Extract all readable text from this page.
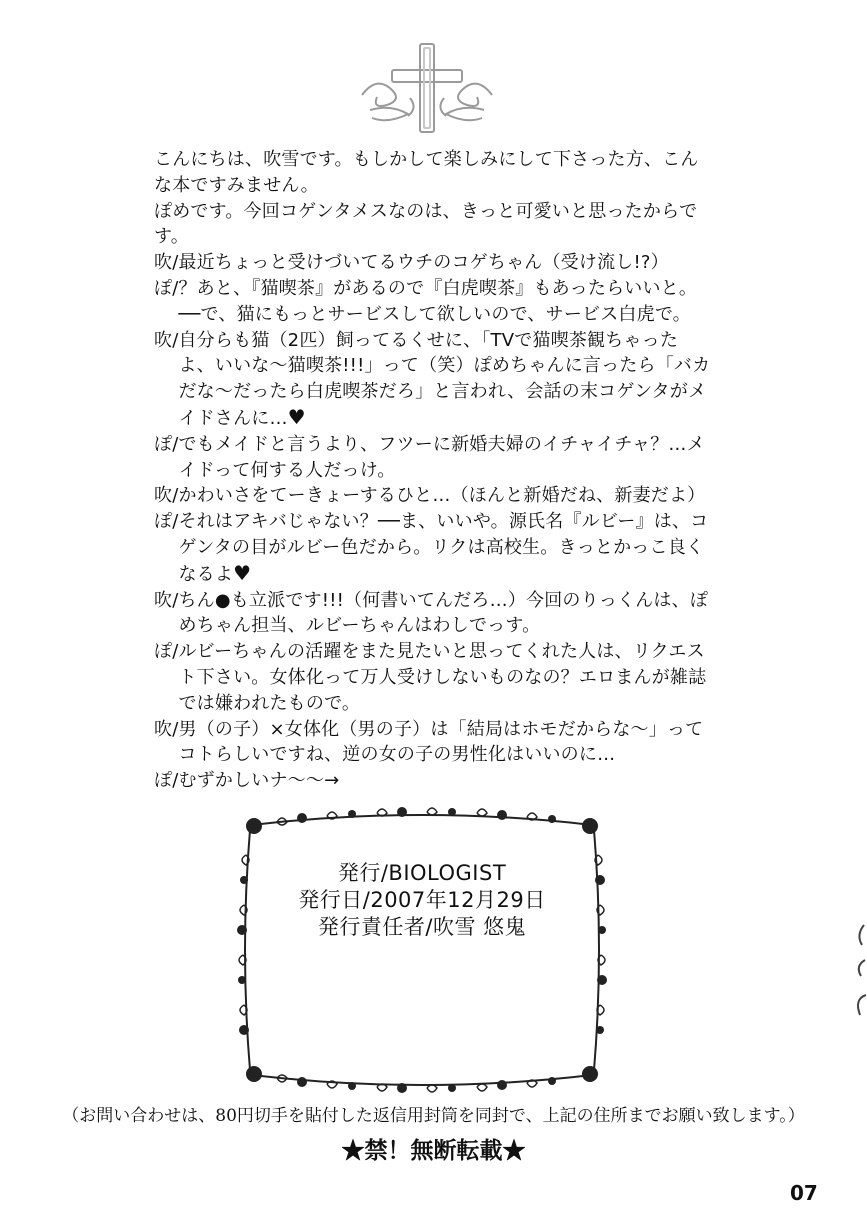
こんにちは、吹雪です。もしかして楽しみにして下さった方、こんな本ですみません。

ぽめです。今回コゲンタメスなのは、きっと可愛いと思ったからです。

吹/ 最近ちょっと受けづいてるウチのコゲちゃん（受け流し!?）

ぽ/ ？あと、『猫喫茶』があるので『白虎喫茶』もあったらいいと。──で、猫にもっとサービスして欲しいので、サービス白虎で。

吹/ 自分らも猫（2匹）飼ってるくせに、「TVで猫喫茶観ちゃったよ、いいな～猫喫茶!!!」って（笑）ぽめちゃんに言ったら「バカだな～だったら白虎喫茶だろ」と言われ、会話の末コゲンタがメイドさんに…♥

ぽ/ でもメイドと言うより、フツーに新婚夫婦のイチャイチャ？…メイドって何する人だっけ。

吹/ かわいさをてーきょーするひと…（ほんと新婚だね、新妻だよ）

ぽ/ それはアキバじゃない？──ま、いいや。源氏名『ルビー』は、コゲンタの目がルビー色だから。リクは高校生。きっとかっこ良くなるよ♥

吹/ ちん●も立派です!!!（何書いてんだろ…）今回のりっくんは、ぽめちゃん担当、ルビーちゃんはわしでっす。

ぽ/ ルビーちゃんの活躍をまた見たいと思ってくれた人は、リクエスト下さい。女体化って万人受けしないものなの？エロまんが雑誌では嫌われたもので。

吹/ 男（の子）×女体化（男の子）は「結局はホモだからな～」ってコトらしいですね、逆の女の子の男性化はいいのに…

ぽ/ むずかしいナ～～→

発行/BIOLOGIST
発行日/2007年12月29日
発行責任者/吹雪 悠鬼
（お問い合わせは、80円切手を貼付した返信用封筒を同封で、上記の住所までお願い致します。）
★禁！無断転載★
07
